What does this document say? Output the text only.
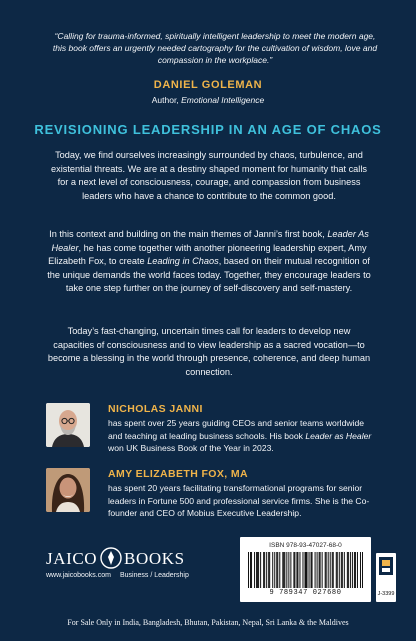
“Calling for trauma-informed, spiritually intelligent leadership to meet the modern age, this book offers an urgently needed cartography for the cultivation of wisdom, love and compassion in the workplace.”
DANIEL GOLEMAN
Author, Emotional Intelligence
REVISIONING LEADERSHIP IN AN AGE OF CHAOS
Today, we find ourselves increasingly surrounded by chaos, turbulence, and existential threats. We are at a destiny shaped moment for humanity that calls for a next level of consciousness, courage, and compassion from business leaders who have a chance to contribute to the common good.
In this context and building on the main themes of Janni’s first book, Leader As Healer, he has come together with another pioneering leadership expert, Amy Elizabeth Fox, to create Leading in Chaos, based on their mutual recognition of the unique demands the world faces today. Together, they encourage leaders to take one step further on the journey of self-discovery and self-mastery.
Today’s fast-changing, uncertain times call for leaders to develop new capacities of consciousness and to view leadership as a sacred vocation—to become a blessing in the world through presence, coherence, and deep human connection.
NICHOLAS JANNI
has spent over 25 years guiding CEOs and senior teams worldwide and teaching at leading business schools. His book Leader as Healer won UK Business Book of the Year in 2023.
AMY ELIZABETH FOX, MA
has spent 20 years facilitating transformational programs for senior leaders in Fortune 500 and professional service firms. She is the Co-founder and CEO of Mobius Executive Leadership.
JAICO BOOKS
www.jaicobooks.com Business / Leadership
ISBN 978-93-47027-68-0
9 789347 027680	J-3399
For Sale Only in India, Bangladesh, Bhutan, Pakistan, Nepal, Sri Lanka & the Maldives
